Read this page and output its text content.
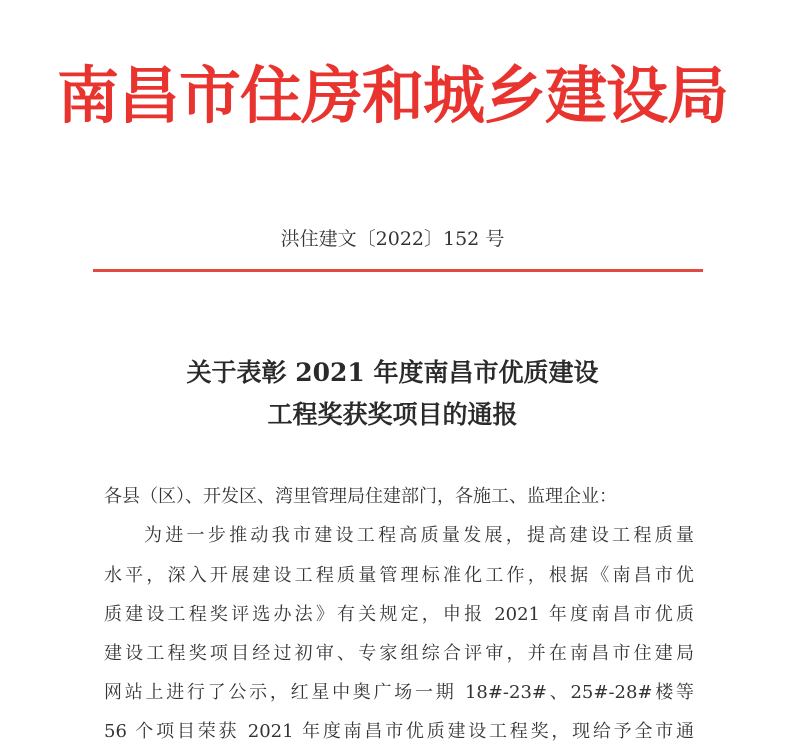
南昌市住房和城乡建设局
洪住建文〔2022〕152 号
关于表彰 2021 年度南昌市优质建设
工程奖获奖项目的通报
各县（区）、开发区、湾里管理局住建部门，各施工、监理企业：
为进一步推动我市建设工程高质量发展，提高建设工程质量
水平，深入开展建设工程质量管理标准化工作，根据《南昌市优
质建设工程奖评选办法》有关规定，申报 2021 年度南昌市优质
建设工程奖项目经过初审、专家组综合评审，并在南昌市住建局
网站上进行了公示，红星中奥广场一期 18#-23#、25#-28#楼等
56 个项目荣获 2021 年度南昌市优质建设工程奖，现给予全市通
